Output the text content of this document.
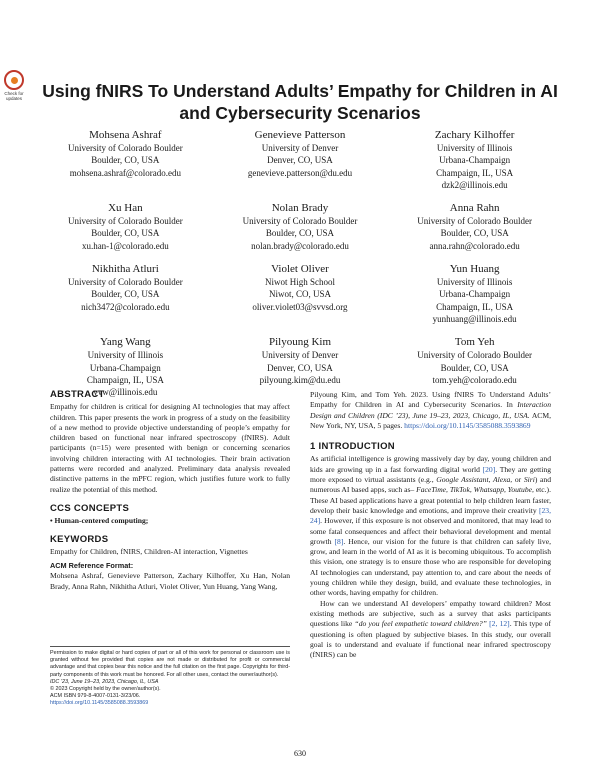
Check for updates Using fNIRS To Understand Adults’ Empathy for Children in AI and Cybersecurity Scenarios
Mohsena Ashraf
University of Colorado Boulder
Boulder, CO, USA
mohsena.ashraf@colorado.edu
Genevieve Patterson
University of Denver
Denver, CO, USA
genevieve.patterson@du.edu
Zachary Kilhoffer
University of Illinois
Urbana-Champaign
Champaign, IL, USA
dzk2@illinois.edu
Xu Han
University of Colorado Boulder
Boulder, CO, USA
xu.han-1@colorado.edu
Nolan Brady
University of Colorado Boulder
Boulder, CO, USA
nolan.brady@colorado.edu
Anna Rahn
University of Colorado Boulder
Boulder, CO, USA
anna.rahn@colorado.edu
Nikhitha Atluri
University of Colorado Boulder
Boulder, CO, USA
nich3472@colorado.edu
Violet Oliver
Niwot High School
Niwot, CO, USA
oliver.violet03@svvsd.org
Yun Huang
University of Illinois
Urbana-Champaign
Champaign, IL, USA
yunhuang@illinois.edu
Yang Wang
University of Illinois
Urbana-Champaign
Champaign, IL, USA
yvw@illinois.edu
Pilyoung Kim
University of Denver
Denver, CO, USA
pilyoung.kim@du.edu
Tom Yeh
University of Colorado Boulder
Boulder, CO, USA
tom.yeh@colorado.edu
ABSTRACT

Empathy for children is critical for designing AI technologies that may affect children. This paper presents the work in progress of a study on the feasibility of a new method to provide objective understanding of people’s empathy for children based on functional near infrared spectroscopy (fNIRS). Adult participants (n=15) were presented with benign or concerning scenarios involving children interacting with AI technologies. Their brain activation patterns were recorded and analyzed. Preliminary data analysis revealed distinctive patterns in the mPFC region, which justifies future work to fully realize the potential of this method.

CCS CONCEPTS
• Human-centered computing;
KEYWORDS
Empathy for Children, fNIRS, Children-AI interaction, Vignettes
ACM Reference Format:

Mohsena Ashraf, Genevieve Patterson, Zachary Kilhoffer, Xu Han, Nolan Brady, Anna Rahn, Nikhitha Atluri, Violet Oliver, Yun Huang, Yang Wang,

Permission to make digital or hard copies of part or all of this work for personal or classroom use is granted without fee provided that copies are not made or distributed for profit or commercial advantage and that copies bear this notice and the full citation on the first page. Copyrights for third-party components of this work must be honored. For all other uses, contact the owner/author(s).

IDC ’23, June 19–23, 2023, Chicago, IL, USA

© 2023 Copyright held by the owner/author(s).

ACM ISBN 979-8-4007-0131-3/23/06.

https://doi.org/10.1145/3585088.3593869

Pilyoung Kim, and Tom Yeh. 2023. Using fNIRS To Understand Adults’ Empathy for Children in AI and Cybersecurity Scenarios. In Interaction Design and Children (IDC ’23), June 19–23, 2023, Chicago, IL, USA. ACM, New York, NY, USA, 5 pages. https://doi.org/10.1145/3585088.3593869

1 INTRODUCTION

As artificial intelligence is growing massively day by day, young children and kids are growing up in a fast forwarding digital world [20]. They are getting more exposed to virtual assistants (e.g., Google Assistant, Alexa, or Siri) and numerous AI based apps, such as– FaceTime, TikTok, Whatsapp, Youtube, etc.). These AI based applications have a great potential to help children learn faster, develop their basic knowledge and emotions, and improve their creativity [23, 24]. However, if this exposure is not observed and monitored, that may lead to some fatal consequences and affect their behavioral development and mental growth [8]. Hence, our vision for the future is that children can safely live, grow, and learn in the world of AI as it is becoming ubiquitous. To accomplish this vision, one strategy is to ensure those who are responsible for developing AI technologies can understand, pay attention to, and care about the needs of young children while they design, build, and evaluate these technologies, in other words, having empathy for children.

How can we understand AI developers’ empathy toward children? Most existing methods are subjective, such as a survey that asks participants questions like “do you feel empathetic toward children?” [2, 12]. This type of questioning is often plagued by subjective biases. In this study, our overall goal is to understand and evaluate if functional near infrared spectroscopy (fNIRS) can be

630
